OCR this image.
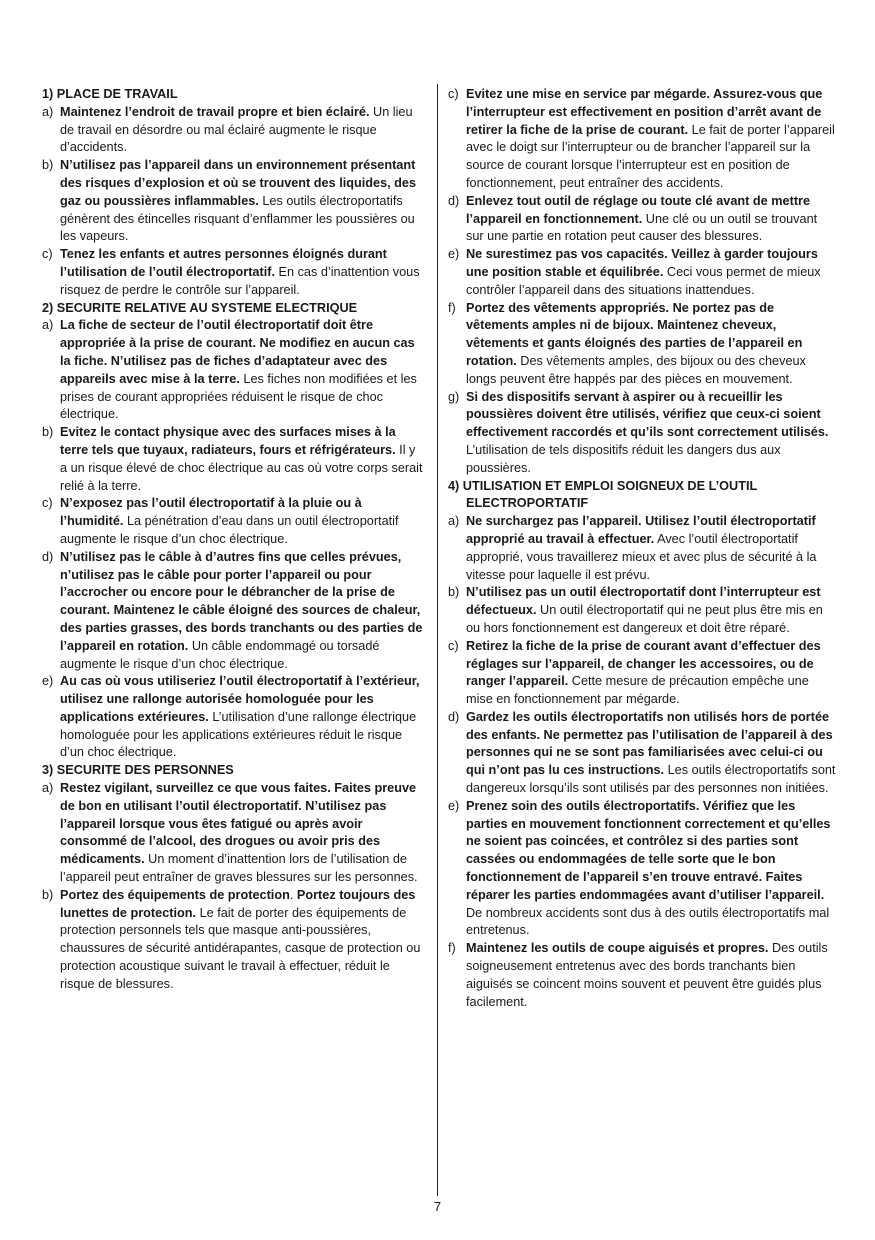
1) PLACE DE TRAVAIL
a) Maintenez l’endroit de travail propre et bien éclairé. Un lieu de travail en désordre ou mal éclairé augmente le risque d’accidents.
b) N’utilisez pas l’appareil dans un environnement présentant des risques d’explosion et où se trouvent des liquides, des gaz ou poussières inflammables. Les outils électroportatifs génèrent des étincelles risquant d’enflammer les poussières ou les vapeurs.
c) Tenez les enfants et autres personnes éloignés durant l’utilisation de l’outil électroportatif. En cas d’inattention vous risquez de perdre le contrôle sur l’appareil.
2) SECURITE RELATIVE AU SYSTEME ELECTRIQUE
a) La fiche de secteur de l’outil électroportatif doit être appropriée à la prise de courant. Ne modifiez en aucun cas la fiche. N’utilisez pas de fiches d’adaptateur avec des appareils avec mise à la terre. Les fiches non modifiées et les prises de courant appropriées réduisent le risque de choc électrique.
b) Evitez le contact physique avec des surfaces mises à la terre tels que tuyaux, radiateurs, fours et réfrigérateurs. Il y a un risque élevé de choc électrique au cas où votre corps serait relié à la terre.
c) N’exposez pas l’outil électroportatif à la pluie ou à l’humidité. La pénétration d’eau dans un outil électroportatif augmente le risque d’un choc électrique.
d) N’utilisez pas le câble à d’autres fins que celles prévues, n’utilisez pas le câble pour porter l’appareil ou pour l’accrocher ou encore pour le débrancher de la prise de courant. Maintenez le câble éloigné des sources de chaleur, des parties grasses, des bords tranchants ou des parties de l’appareil en rotation. Un câble endommagé ou torsadé augmente le risque d’un choc électrique.
e) Au cas où vous utiliseriez l’outil électroportatif à l’extérieur, utilisez une rallonge autorisée homologuée pour les applications extérieures. L’utilisation d’une rallonge électrique homologuée pour les applications extérieures réduit le risque d’un choc électrique.
3) SECURITE DES PERSONNES
a) Restez vigilant, surveillez ce que vous faites. Faites preuve de bon en utilisant l’outil électroportatif. N’utilisez pas l’appareil lorsque vous êtes fatigué ou après avoir consommé de l’alcool, des drogues ou avoir pris des médicaments. Un moment d’inattention lors de l’utilisation de l’appareil peut entraîner de graves blessures sur les personnes.
b) Portez des équipements de protection. Portez toujours des lunettes de protection. Le fait de porter des équipements de protection personnels tels que masque anti-poussières, chaussures de sécurité antidérapantes, casque de protection ou protection acoustique suivant le travail à effectuer, réduit le risque de blessures.
c) Evitez une mise en service par mégarde. Assurez-vous que l’interrupteur est effectivement en position d’arrêt avant de retirer la fiche de la prise de courant. Le fait de porter l’appareil avec le doigt sur l’interrupteur ou de brancher l’appareil sur la source de courant lorsque l’interrupteur est en position de fonctionnement, peut entraîner des accidents.
d) Enlevez tout outil de réglage ou toute clé avant de mettre l’appareil en fonctionnement. Une clé ou un outil se trouvant sur une partie en rotation peut causer des blessures.
e) Ne surestimez pas vos capacités. Veillez à garder toujours une position stable et équilibrée. Ceci vous permet de mieux contrôler l’appareil dans des situations inattendues.
f) Portez des vêtements appropriés. Ne portez pas de vêtements amples ni de bijoux. Maintenez cheveux, vêtements et gants éloignés des parties de l’appareil en rotation. Des vêtements amples, des bijoux ou des cheveux longs peuvent être happés par des pièces en mouvement.
g) Si des dispositifs servant à aspirer ou à recueillir les poussières doivent être utilisés, vérifiez que ceux-ci soient effectivement raccordés et qu’ils sont correctement utilisés. L’utilisation de tels dispositifs réduit les dangers dus aux poussières.
4) UTILISATION ET EMPLOI SOIGNEUX DE L’OUTIL ELECTROPORTATIF
a) Ne surchargez pas l’appareil. Utilisez l’outil électroportatif approprié au travail à effectuer. Avec l’outil électroportatif approprié, vous travaillerez mieux et avec plus de sécurité à la vitesse pour laquelle il est prévu.
b) N’utilisez pas un outil électroportatif dont l’interrupteur est défectueux. Un outil électroportatif qui ne peut plus être mis en ou hors fonctionnement est dangereux et doit être réparé.
c) Retirez la fiche de la prise de courant avant d’effectuer des réglages sur l’appareil, de changer les accessoires, ou de ranger l’appareil. Cette mesure de précaution empêche une mise en fonctionnement par mégarde.
d) Gardez les outils électroportatifs non utilisés hors de portée des enfants. Ne permettez pas l’utilisation de l’appareil à des personnes qui ne se sont pas familiarisées avec celui-ci ou qui n’ont pas lu ces instructions. Les outils électroportatifs sont dangereux lorsqu’ils sont utilisés par des personnes non initiées.
e) Prenez soin des outils électroportatifs. Vérifiez que les parties en mouvement fonctionnent correctement et qu’elles ne soient pas coincées, et contrôlez si des parties sont cassées ou endommagées de telle sorte que le bon fonctionnement de l’appareil s’en trouve entravé. Faites réparer les parties endommagées avant d’utiliser l’appareil. De nombreux accidents sont dus à des outils électroportatifs mal entretenus.
f) Maintenez les outils de coupe aiguisés et propres. Des outils soigneusement entretenus avec des bords tranchants bien aiguisés se coincent moins souvent et peuvent être guidés plus facilement.
7
